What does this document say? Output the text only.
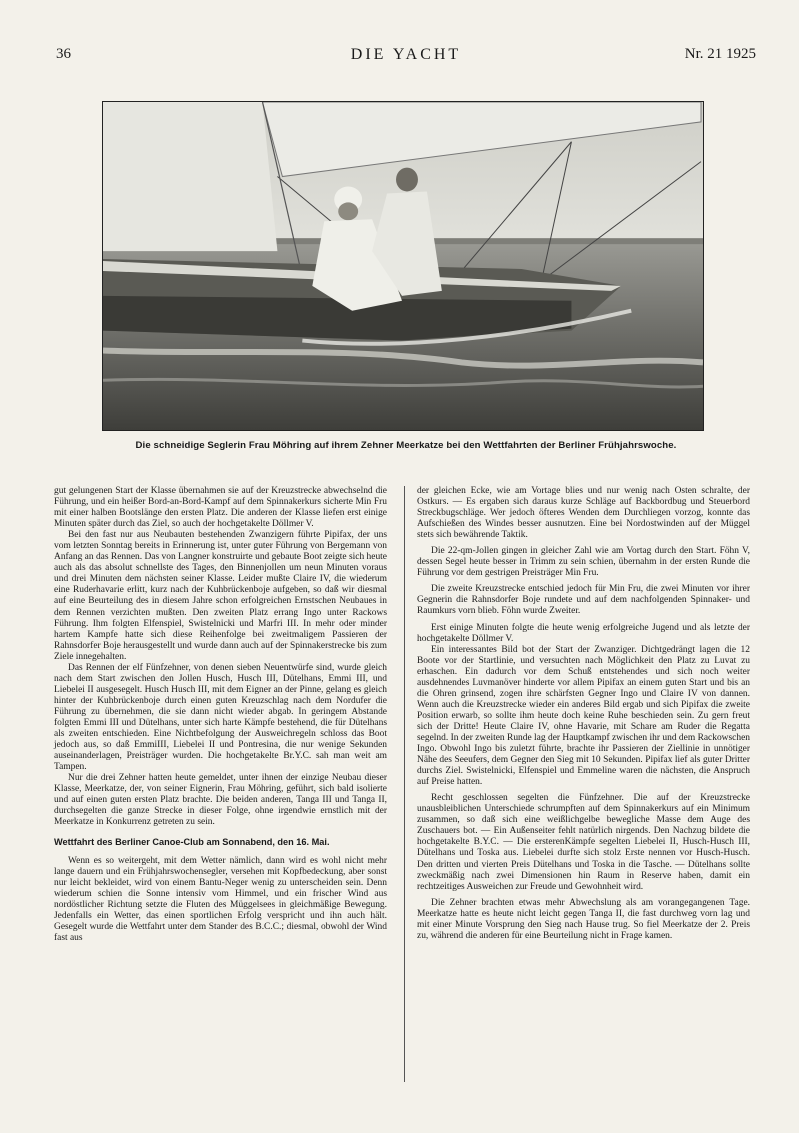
36	DIE YACHT	Nr. 21 1925
Die schneidige Seglerin Frau Möhring auf ihrem Zehner Meerkatze bei den Wettfahrten der Berliner Frühjahrswoche.

gut gelungenen Start der Klasse übernahmen sie auf der Kreuzstrecke abwechselnd die Führung, und ein heißer Bord-an-Bord-Kampf auf dem Spinnakerkurs sicherte Min Fru mit einer halben Bootslänge den ersten Platz. Die anderen der Klasse liefen erst einige Minuten später durch das Ziel, so auch der hochgetakelte Döllmer V.

Bei den fast nur aus Neubauten bestehenden Zwanzigern führte Pipifax, der uns vom letzten Sonntag bereits in Erinnerung ist, unter guter Führung von Bergemann von Anfang an das Rennen. Das von Langner konstruirte und gebaute Boot zeigte sich heute auch als das absolut schnellste des Tages, den Binnenjollen um neun Minuten voraus und drei Minuten dem nächsten seiner Klasse. Leider mußte Claire IV, die wiederum eine Ruderhavarie erlitt, kurz nach der Kuhbrückenboje aufgeben, so daß wir diesmal auf eine Beurteilung des in diesem Jahre schon erfolgreichen Ernstschen Neubaues in dem Rennen verzichten mußten. Den zweiten Platz errang Ingo unter Rackows Führung. Ihm folgten Elfenspiel, Swistelnicki und Marfri III. In mehr oder minder hartem Kampfe hatte sich diese Reihenfolge bei zweitmaligem Passieren der Rahnsdorfer Boje herausgestellt und wurde dann auch auf der Spinnakerstrecke bis zum Ziele innegehalten.

Das Rennen der elf Fünfzehner, von denen sieben Neuentwürfe sind, wurde gleich nach dem Start zwischen den Jollen Husch, Husch III, Dütelhans, Emmi III, und Liebelei II ausgesegelt. Husch Husch III, mit dem Eigner an der Pinne, gelang es gleich hinter der Kuhbrückenboje durch einen guten Kreuzschlag nach dem Nordufer die Führung zu übernehmen, die sie dann nicht wieder abgab. In geringem Abstande folgten Emmi III und Dütelhans, unter sich harte Kämpfe bestehend, die für Dütelhans als zweiten entschieden. Eine Nichtbefolgung der Ausweichregeln schloss das Boot jedoch aus, so daß EmmiIII, Liebelei II und Pontresina, die nur wenige Sekunden auseinanderlagen, Preisträger wurden. Die hochgetakelte Br.Y.C. sah man weit am Tampen.

Nur die drei Zehner hatten heute gemeldet, unter ihnen der einzige Neubau dieser Klasse, Meerkatze, der, von seiner Eignerin, Frau Möhring, geführt, sich bald isolierte und auf einen guten ersten Platz brachte. Die beiden anderen, Tanga III und Tanga II, durchsegelten die ganze Strecke in dieser Folge, ohne irgendwie ernstlich mit der Meerkatze in Konkurrenz getreten zu sein.

Wettfahrt des Berliner Canoe-Club am Sonnabend, den 16. Mai.

Wenn es so weitergeht, mit dem Wetter nämlich, dann wird es wohl nicht mehr lange dauern und ein Frühjahrswochensegler, versehen mit Kopfbedeckung, aber sonst nur leicht bekleidet, wird von einem Bantu-Neger wenig zu unterscheiden sein. Denn wiederum schien die Sonne intensiv vom Himmel, und ein frischer Wind aus nordöstlicher Richtung setzte die Fluten des Müggelsees in gleichmäßige Bewegung. Jedenfalls ein Wetter, das einen sportlichen Erfolg verspricht und ihn auch hält. Gesegelt wurde die Wettfahrt unter dem Stander des B.C.C.; diesmal, obwohl der Wind fast aus

der gleichen Ecke, wie am Vortage blies und nur wenig nach Osten schralte, der Ostkurs. — Es ergaben sich daraus kurze Schläge auf Backbordbug und Steuerbord Streckbugschläge. Wer jedoch öfteres Wenden dem Durchliegen vorzog, konnte das Aufschießen des Windes besser ausnutzen. Eine bei Nordostwinden auf der Müggel stets sich bewährende Taktik.

Die 22-qm-Jollen gingen in gleicher Zahl wie am Vortag durch den Start. Föhn V, dessen Segel heute besser in Trimm zu sein schien, übernahm in der ersten Runde die Führung vor dem gestrigen Preisträger Min Fru.

Die zweite Kreuzstrecke entschied jedoch für Min Fru, die zwei Minuten vor ihrer Gegnerin die Rahnsdorfer Boje rundete und auf dem nachfolgenden Spinnaker- und Raumkurs vorn blieb. Föhn wurde Zweiter.

Erst einige Minuten folgte die heute wenig erfolgreiche Jugend und als letzte der hochgetakelte Döllmer V.

Ein interessantes Bild bot der Start der Zwanziger. Dichtgedrängt lagen die 12 Boote vor der Startlinie, und versuchten nach Möglichkeit den Platz zu Luvat zu erhaschen. Ein dadurch vor dem Schuß entstehendes und sich noch weiter ausdehnendes Luvmanöver hinderte vor allem Pipifax an einem guten Start und bis an die Ohren grinsend, zogen ihre schärfsten Gegner Ingo und Claire IV von dannen. Wenn auch die Kreuzstrecke wieder ein anderes Bild ergab und sich Pipifax die zweite Position erwarb, so sollte ihm heute doch keine Ruhe beschieden sein. Zu gern freut sich der Dritte! Heute Claire IV, ohne Havarie, mit Schare am Ruder die Regatta segelnd. In der zweiten Runde lag der Hauptkampf zwischen ihr und dem Rackowschen Ingo. Obwohl Ingo bis zuletzt führte, brachte ihr Passieren der Ziellinie in unnötiger Nähe des Seeufers, dem Gegner den Sieg mit 10 Sekunden. Pipifax lief als guter Dritter durchs Ziel. Swistelnicki, Elfenspiel und Emmeline waren die nächsten, die Anspruch auf Preise hatten.

Recht geschlossen segelten die Fünfzehner. Die auf der Kreuzstrecke unausbleiblichen Unterschiede schrumpften auf dem Spinnakerkurs auf ein Minimum zusammen, so daß sich eine weißlichgelbe bewegliche Masse dem Auge des Zuschauers bot. — Ein Außenseiter fehlt natürlich nirgends. Den Nachzug bildete die hochgetakelte B.Y.C. — Die ersterenKämpfe segelten Liebelei II, Husch-Husch III, Dütelhans und Toska aus. Liebelei durfte sich stolz Erste nennen vor Husch-Husch. Den dritten und vierten Preis Dütelhans und Toska in die Tasche. — Dütelhans sollte zweckmäßig nach zwei Dimensionen hin Raum in Reserve haben, damit ein rechtzeitiges Ausweichen zur Freude und Gewohnheit wird.

Die Zehner brachten etwas mehr Abwechslung als am vorangegangenen Tage. Meerkatze hatte es heute nicht leicht gegen Tanga II, die fast durchweg vorn lag und mit einer Minute Vorsprung den Sieg nach Hause trug. So fiel Meerkatze der 2. Preis zu, während die anderen für eine Beurteilung nicht in Frage kamen.
